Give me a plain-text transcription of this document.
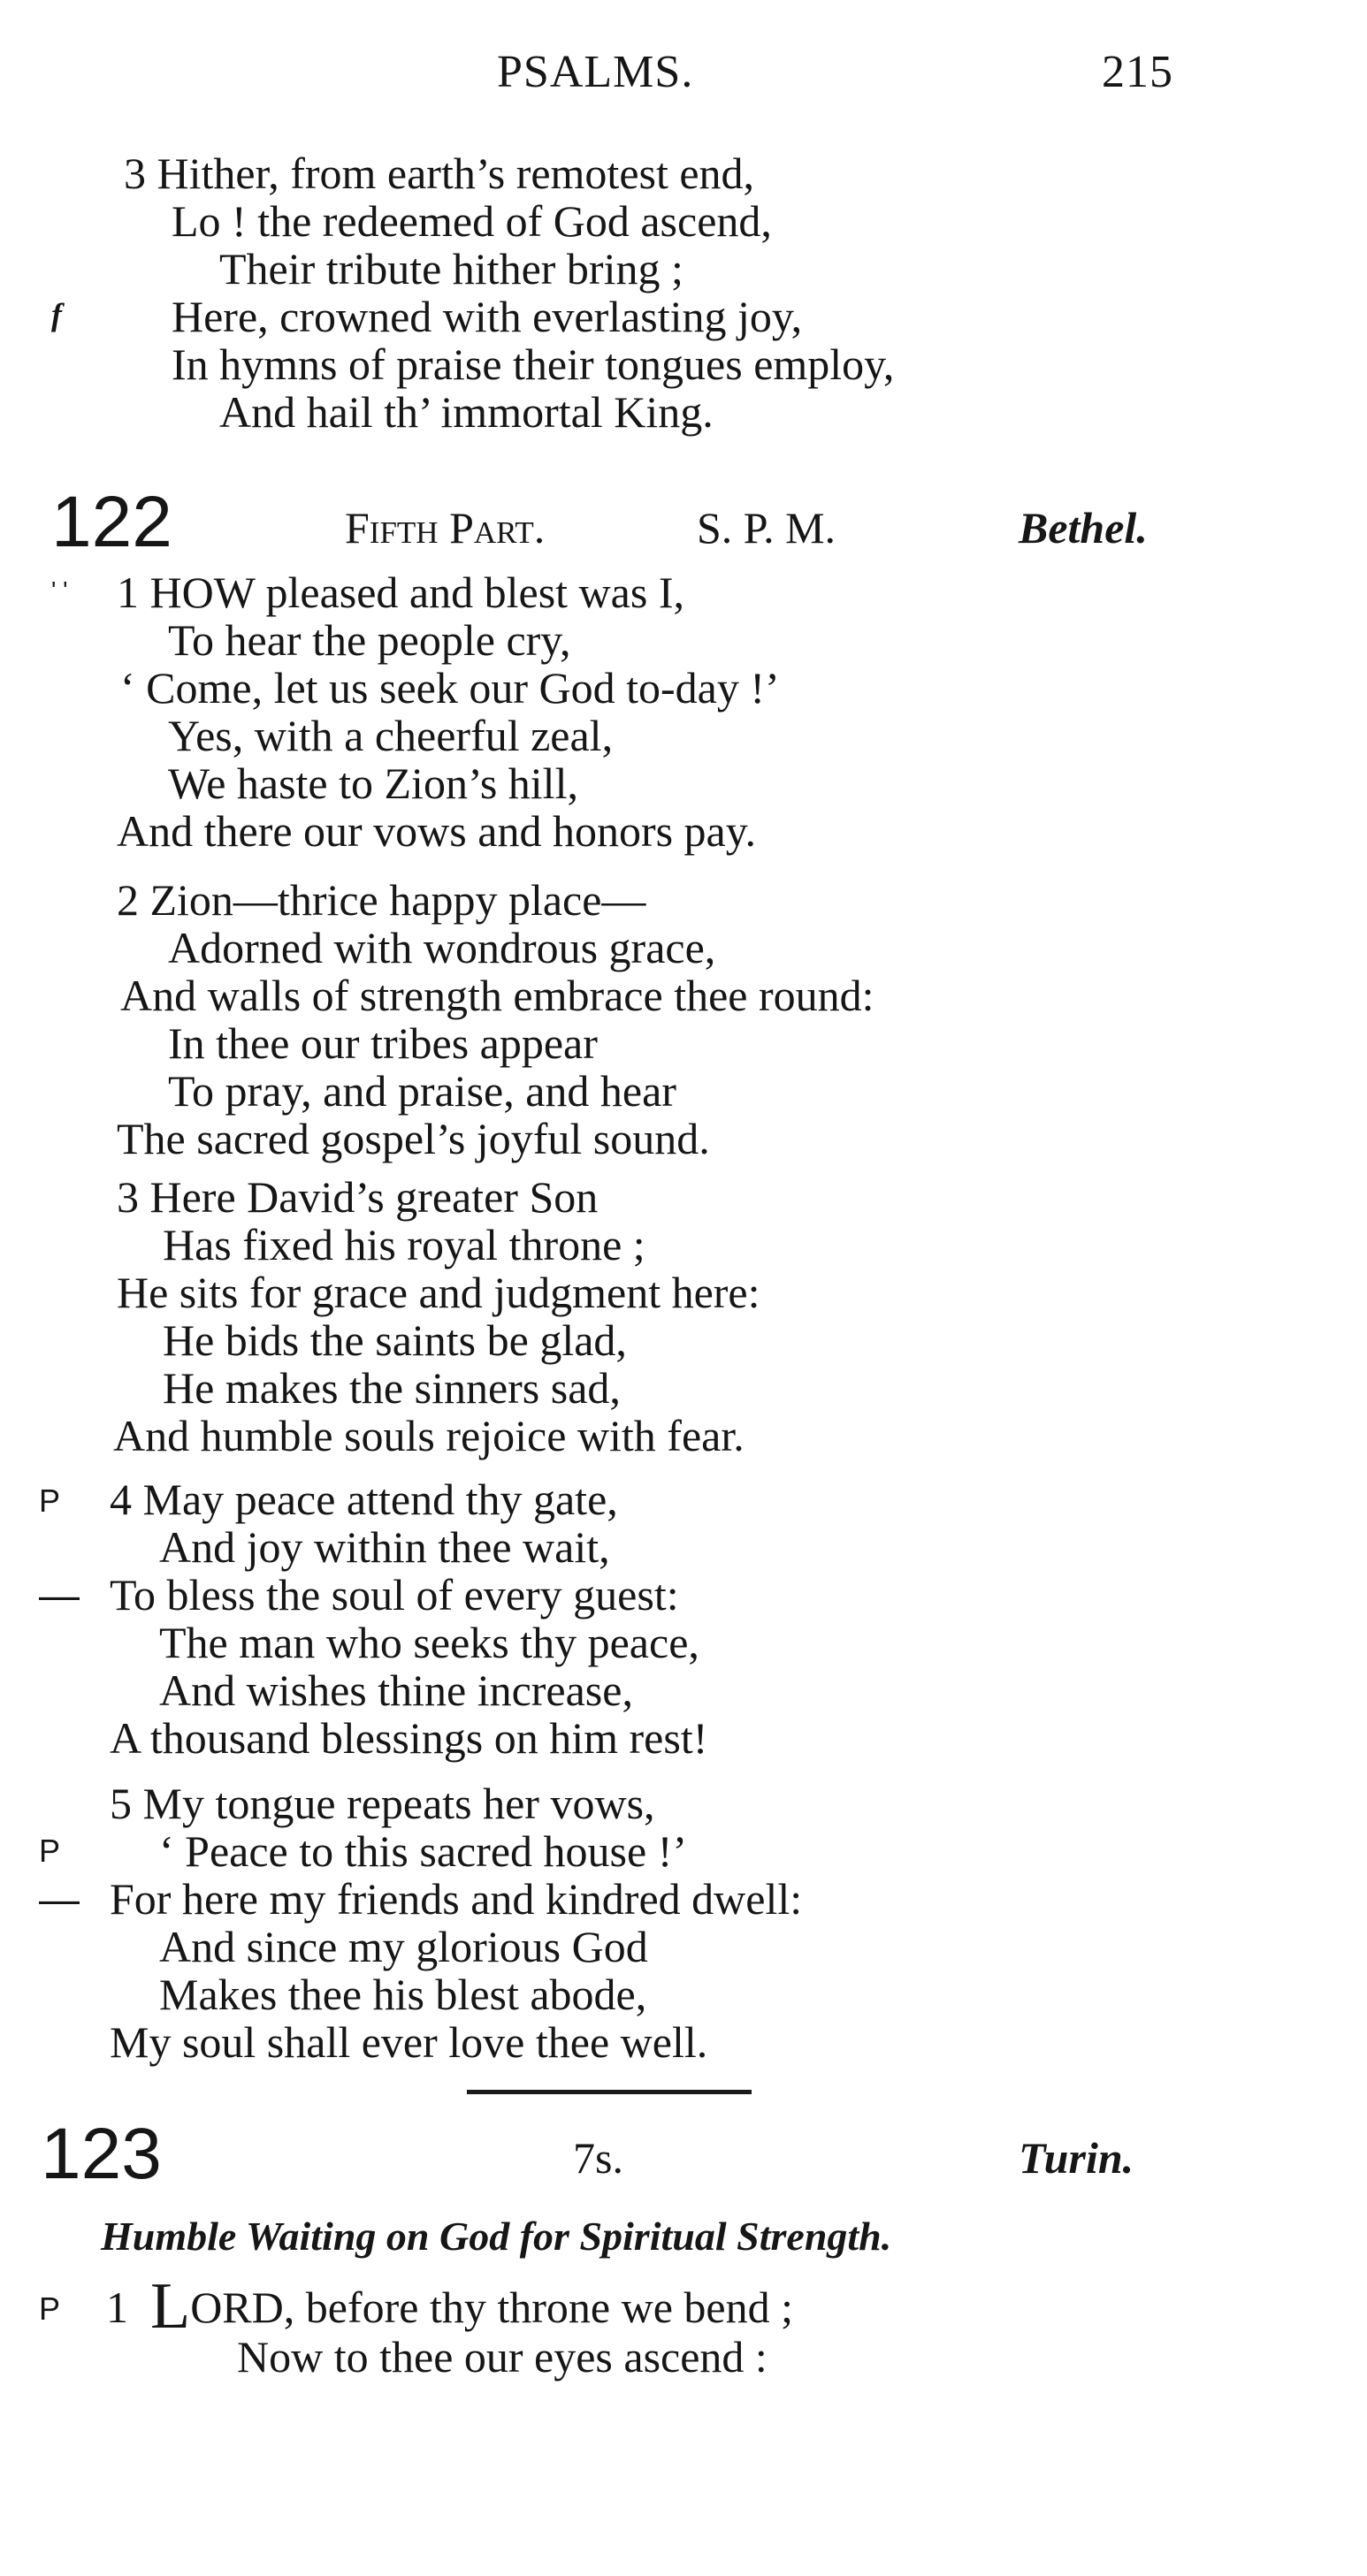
PSALMS.	215
3 Hither, from earth’s remotest end,
Lo ! the redeemed of God ascend,
Their tribute hither bring ;
f Here, crowned with everlasting joy,
In hymns of praise their tongues employ,
And hail th’ immortal King.
122	Fifth Part.	S. P. M.	Bethel.
' ' 1 HOW pleased and blest was I,
To hear the people cry,
‘ Come, let us seek our God to-day !’
Yes, with a cheerful zeal,
We haste to Zion’s hill,
And there our vows and honors pay.
2 Zion—thrice happy place—
Adorned with wondrous grace,
And walls of strength embrace thee round:
In thee our tribes appear
To pray, and praise, and hear
The sacred gospel’s joyful sound.
3 Here David’s greater Son
Has fixed his royal throne ;
He sits for grace and judgment here:
He bids the saints be glad,
He makes the sinners sad,
And humble souls rejoice with fear.
P 4 May peace attend thy gate,
And joy within thee wait,
— To bless the soul of every guest:
The man who seeks thy peace,
And wishes thine increase,
A thousand blessings on him rest!
5 My tongue repeats her vows,
P ‘ Peace to this sacred house !’
— For here my friends and kindred dwell:
And since my glorious God
Makes thee his blest abode,
My soul shall ever love thee well.
123	7s.	Turin.
Humble Waiting on God for Spiritual Strength.
P 1 LORD, before thy throne we bend ;
Now to thee our eyes ascend :
